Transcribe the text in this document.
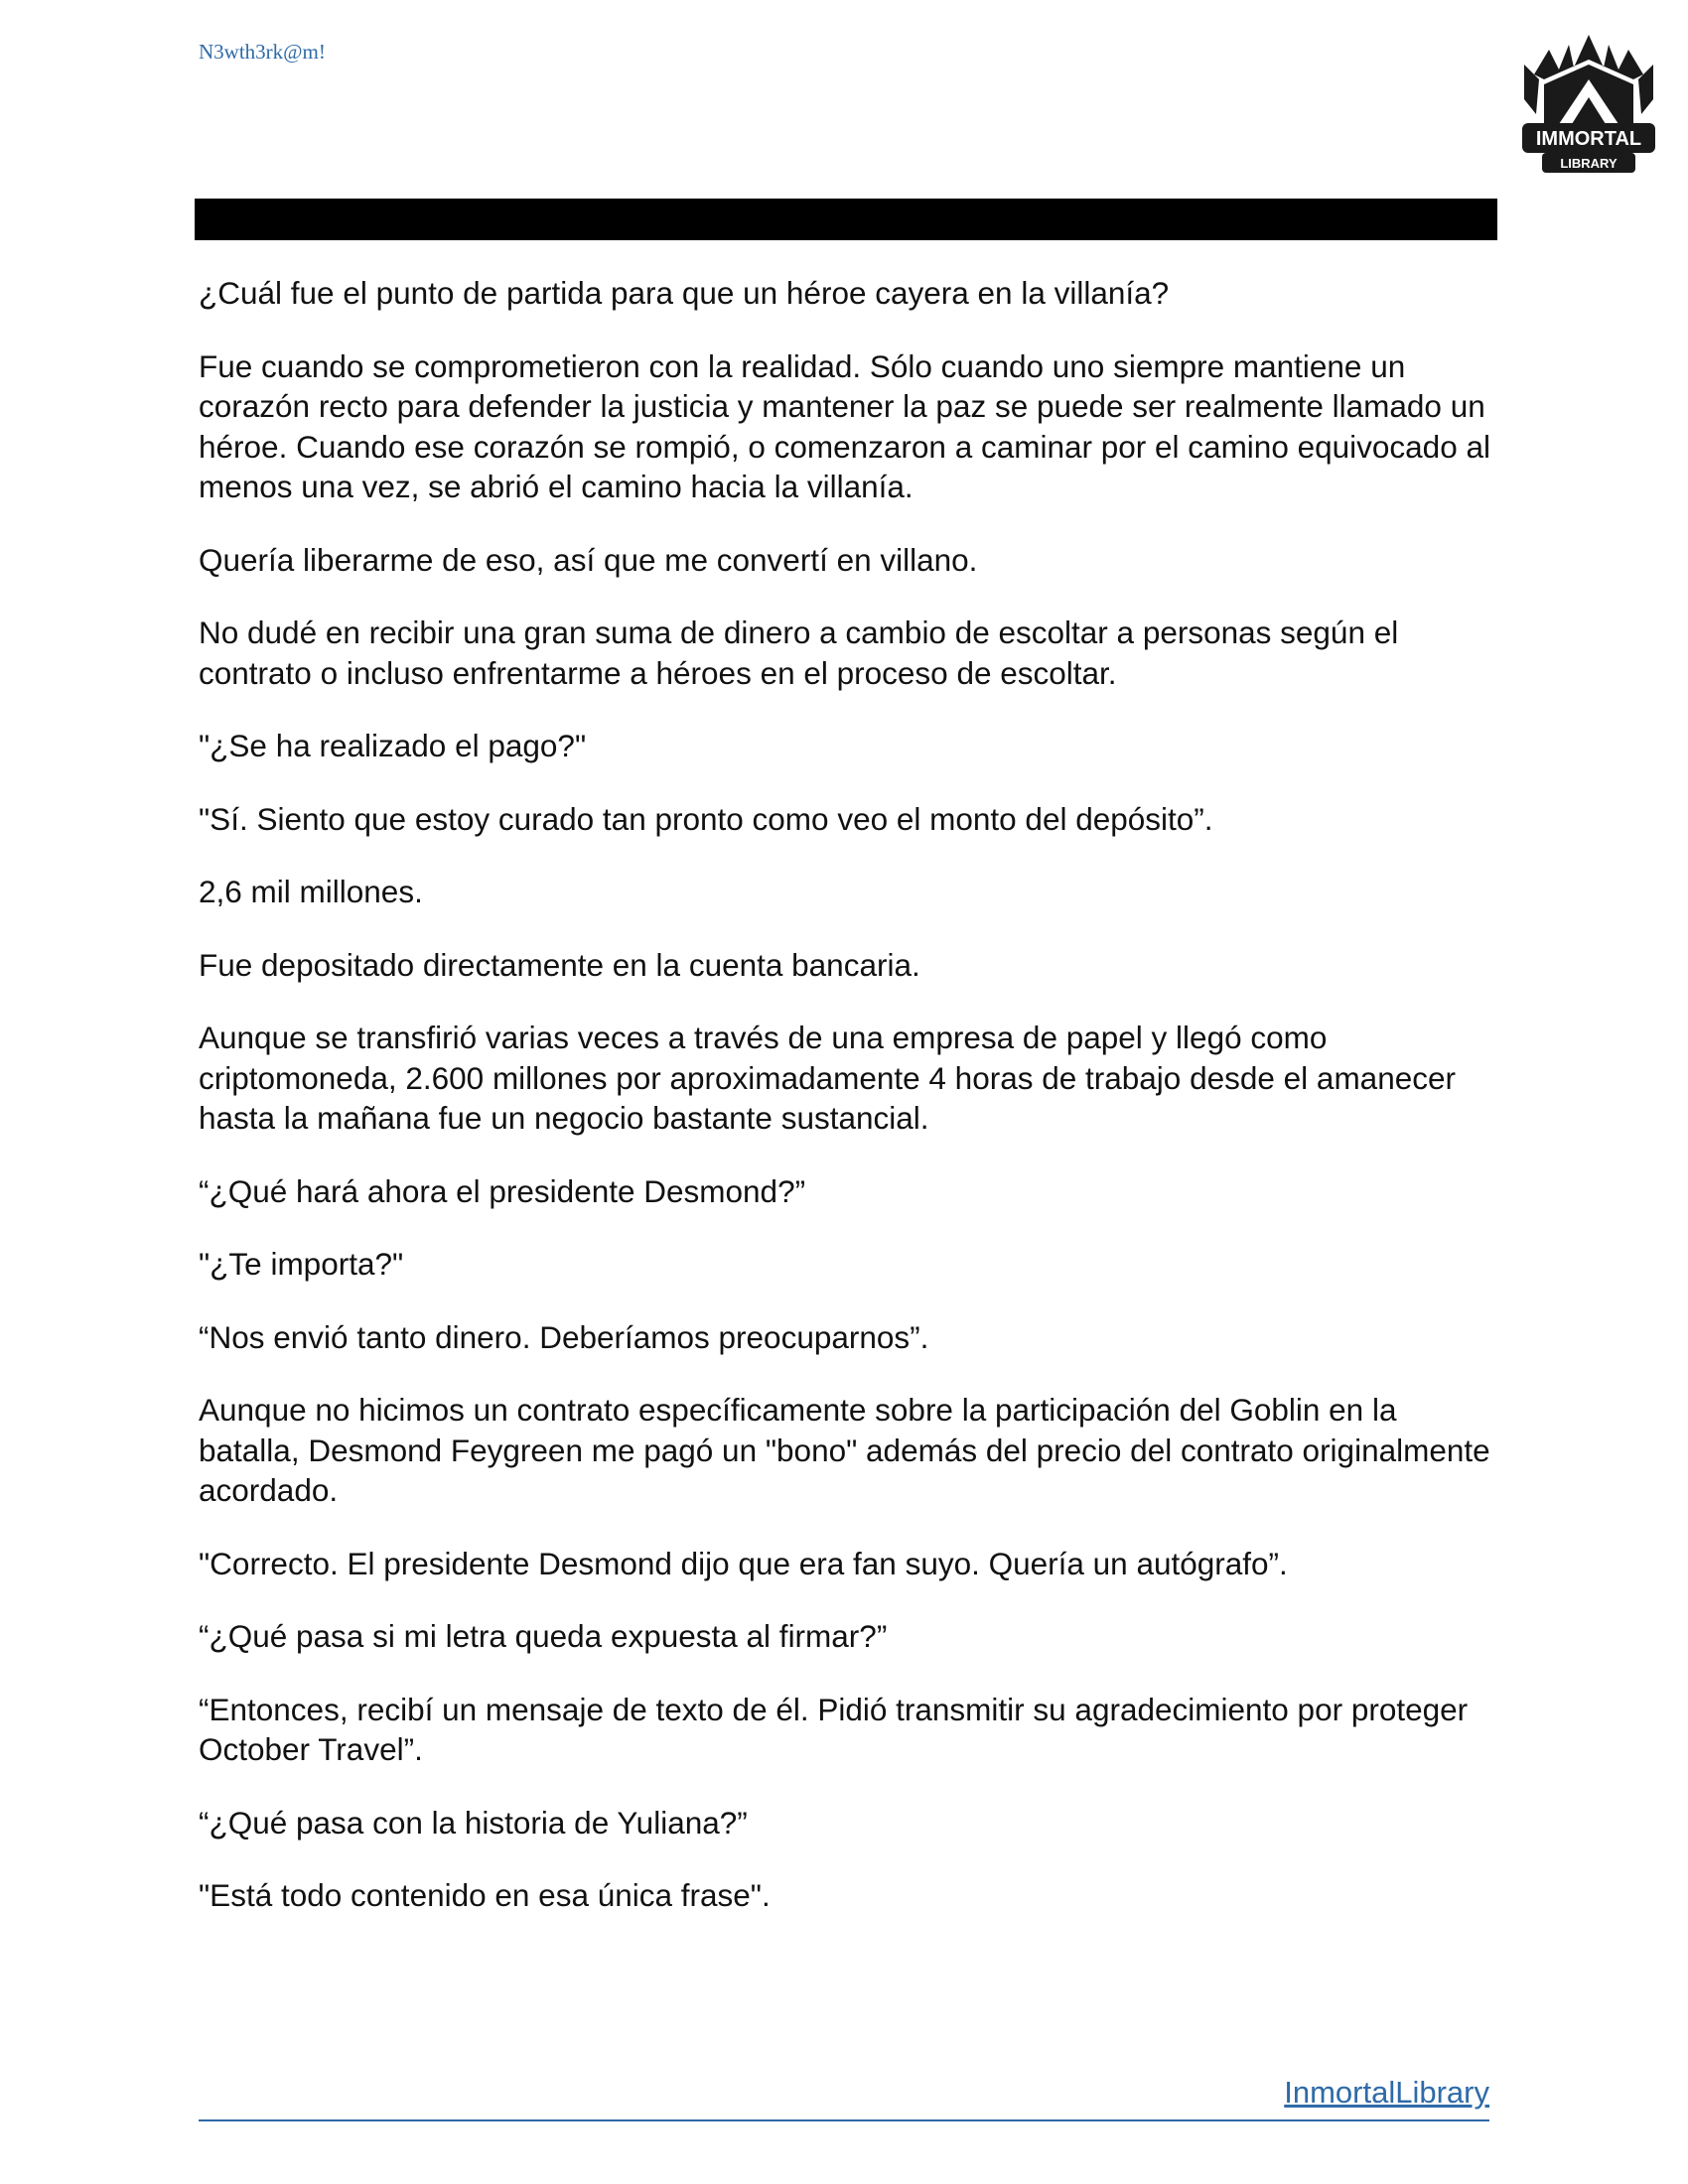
N3wth3rk@m!
IMMORTAL
LIBRARY

¿Cuál fue el punto de partida para que un héroe cayera en la villanía?

Fue cuando se comprometieron con la realidad. Sólo cuando uno siempre mantiene un corazón recto para defender la justicia y mantener la paz se puede ser realmente llamado un héroe. Cuando ese corazón se rompió, o comenzaron a caminar por el camino equivocado al menos una vez, se abrió el camino hacia la villanía.

Quería liberarme de eso, así que me convertí en villano.

No dudé en recibir una gran suma de dinero a cambio de escoltar a personas según el contrato o incluso enfrentarme a héroes en el proceso de escoltar.

"¿Se ha realizado el pago?"

"Sí. Siento que estoy curado tan pronto como veo el monto del depósito”.

2,6 mil millones.

Fue depositado directamente en la cuenta bancaria.

Aunque se transfirió varias veces a través de una empresa de papel y llegó como criptomoneda, 2.600 millones por aproximadamente 4 horas de trabajo desde el amanecer hasta la mañana fue un negocio bastante sustancial.

“¿Qué hará ahora el presidente Desmond?”

"¿Te importa?"

“Nos envió tanto dinero. Deberíamos preocuparnos”.

Aunque no hicimos un contrato específicamente sobre la participación del Goblin en la batalla, Desmond Feygreen me pagó un "bono" además del precio del contrato originalmente acordado.

"Correcto. El presidente Desmond dijo que era fan suyo. Quería un autógrafo”.

“¿Qué pasa si mi letra queda expuesta al firmar?”

“Entonces, recibí un mensaje de texto de él. Pidió transmitir su agradecimiento por proteger October Travel”.

“¿Qué pasa con la historia de Yuliana?”

"Está todo contenido en esa única frase".

InmortalLibrary
